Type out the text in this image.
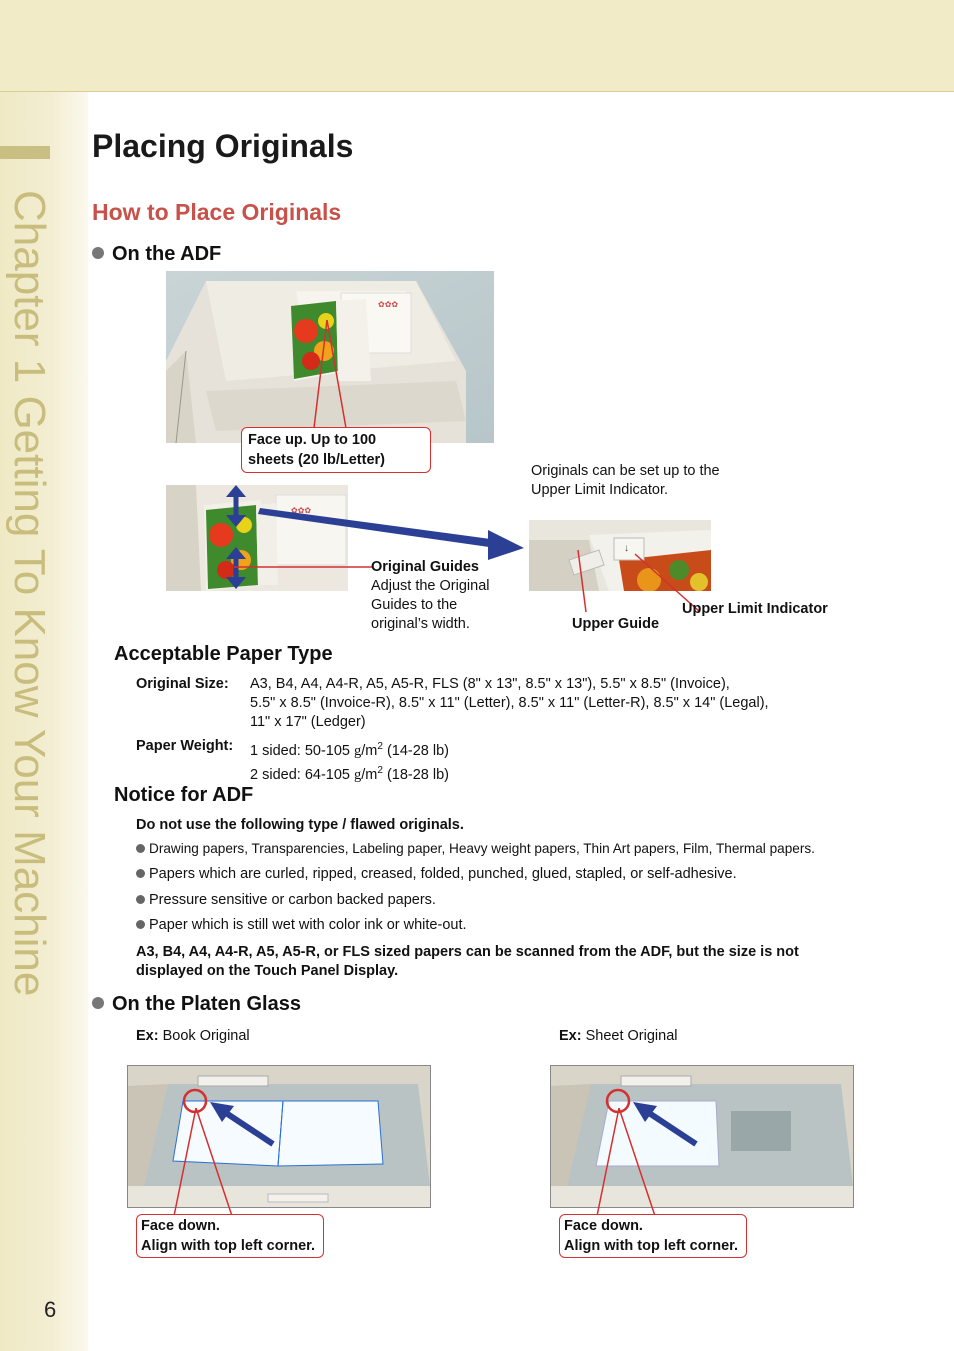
Chapter 1 Getting To Know Your Machine
6
Placing Originals
How to Place Originals
On the ADF
✿✿✿
Face up. Up to 100
sheets (20 lb/Letter)
Originals can be set up to the
Upper Limit Indicator.
✿✿✿
Original Guides
Adjust the Original
Guides to the
original’s width.
↓
Upper Guide
Upper Limit Indicator
Acceptable Paper Type
Original Size: A3, B4, A4, A4-R, A5, A5-R, FLS (8" x 13", 8.5" x 13"), 5.5" x 8.5" (Invoice),
5.5" x 8.5" (Invoice-R), 8.5" x 11" (Letter), 8.5" x 11" (Letter-R), 8.5" x 14" (Legal),
11" x 17" (Ledger)
Paper Weight: 1 sided: 50-105 $g/m^2$ (14-28 lb)
2 sided: 64-105 $g/m^2$ (18-28 lb)
Notice for ADF
Do not use the following type / flawed originals.
Drawing papers, Transparencies, Labeling paper, Heavy weight papers, Thin Art papers, Film, Thermal papers.
Papers which are curled, ripped, creased, folded, punched, glued, stapled, or self-adhesive.
Pressure sensitive or carbon backed papers.
Paper which is still wet with color ink or white-out.
A3, B4, A4, A4-R, A5, A5-R, or FLS sized papers can be scanned from the ADF, but the size is not
displayed on the Touch Panel Display.
On the Platen Glass
Ex: Book Original	Ex: Sheet Original
Face down.
Align with top left corner.
Face down.
Align with top left corner.
